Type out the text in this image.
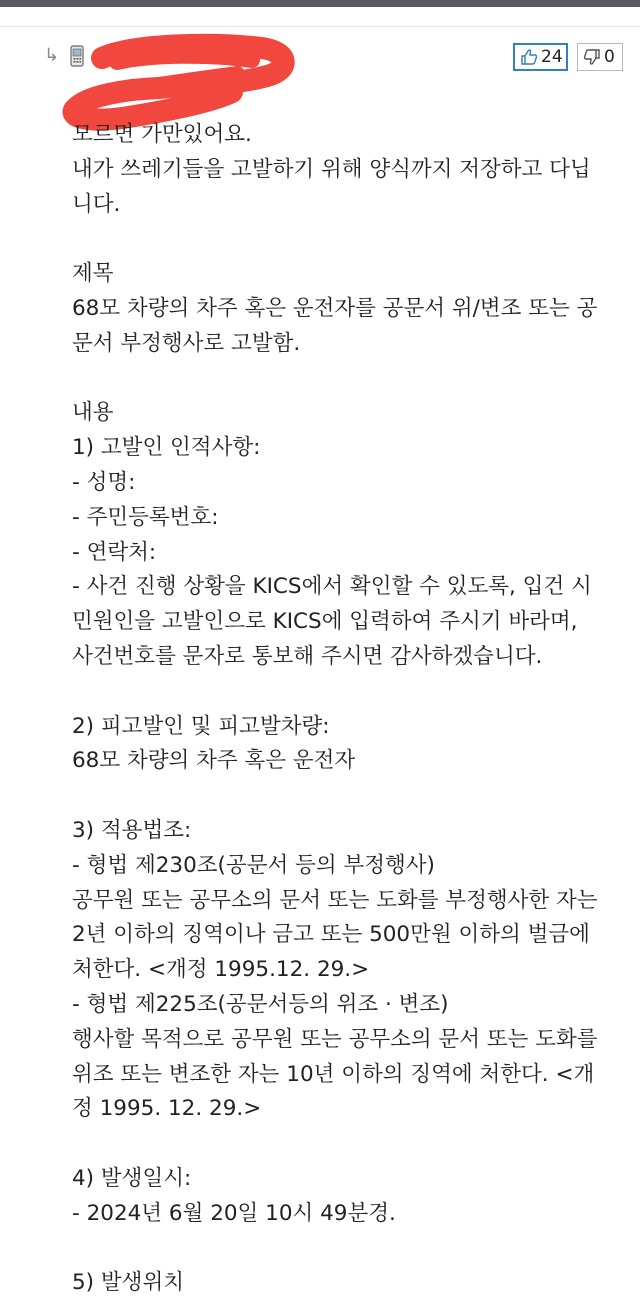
↳	24 0
모르면 가만있어요.
내가 쓰레기들을 고발하기 위해 양식까지 저장하고 다닙
니다.
제목
68모 차량의 차주 혹은 운전자를 공문서 위/변조 또는 공
문서 부정행사로 고발함.
내용
1) 고발인 인적사항:
- 성명:
- 주민등록번호:
- 연락처:
- 사건 진행 상황을 KICS에서 확인할 수 있도록, 입건 시
민원인을 고발인으로 KICS에 입력하여 주시기 바라며,
사건번호를 문자로 통보해 주시면 감사하겠습니다.
2) 피고발인 및 피고발차량:
68모 차량의 차주 혹은 운전자
3) 적용법조:
- 형법 제230조(공문서 등의 부정행사)
공무원 또는 공무소의 문서 또는 도화를 부정행사한 자는
2년 이하의 징역이나 금고 또는 500만원 이하의 벌금에
처한다. <개정 1995.12. 29.>
- 형법 제225조(공문서등의 위조 · 변조)
행사할 목적으로 공무원 또는 공무소의 문서 또는 도화를
위조 또는 변조한 자는 10년 이하의 징역에 처한다. <개
정 1995. 12. 29.>
4) 발생일시:
- 2024년 6월 20일 10시 49분경.
5) 발생위치
